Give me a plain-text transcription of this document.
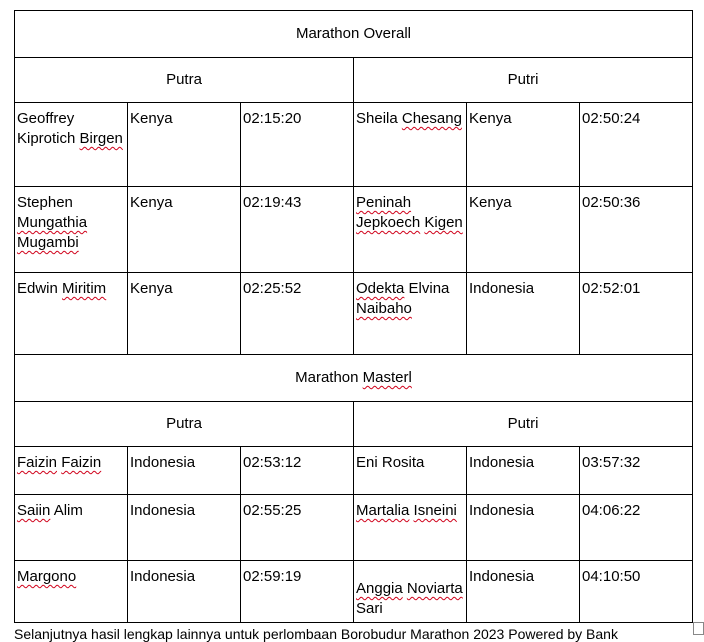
Marathon Overall					
Putra			Putri		
Geoffrey Kiprotich Birgen	Kenya	02:15:20	Sheila Chesang	Kenya	02:50:24
Stephen Mungathia Mugambi	Kenya	02:19:43	Peninah Jepkoech Kigen	Kenya	02:50:36
Edwin Miritim	Kenya	02:25:52	Odekta Elvina Naibaho	Indonesia	02:52:01
Marathon Masterl					
Putra			Putri		
Faizin Faizin	Indonesia	02:53:12	Eni Rosita	Indonesia	03:57:32
Saiin Alim	Indonesia	02:55:25	Martalia Isneini	Indonesia	04:06:22
Margono	Indonesia	02:59:19	Anggia Noviarta Sari	Indonesia	04:10:50
Selanjutnya hasil lengkap lainnya untuk perlombaan Borobudur Marathon 2023 Powered by Bank
